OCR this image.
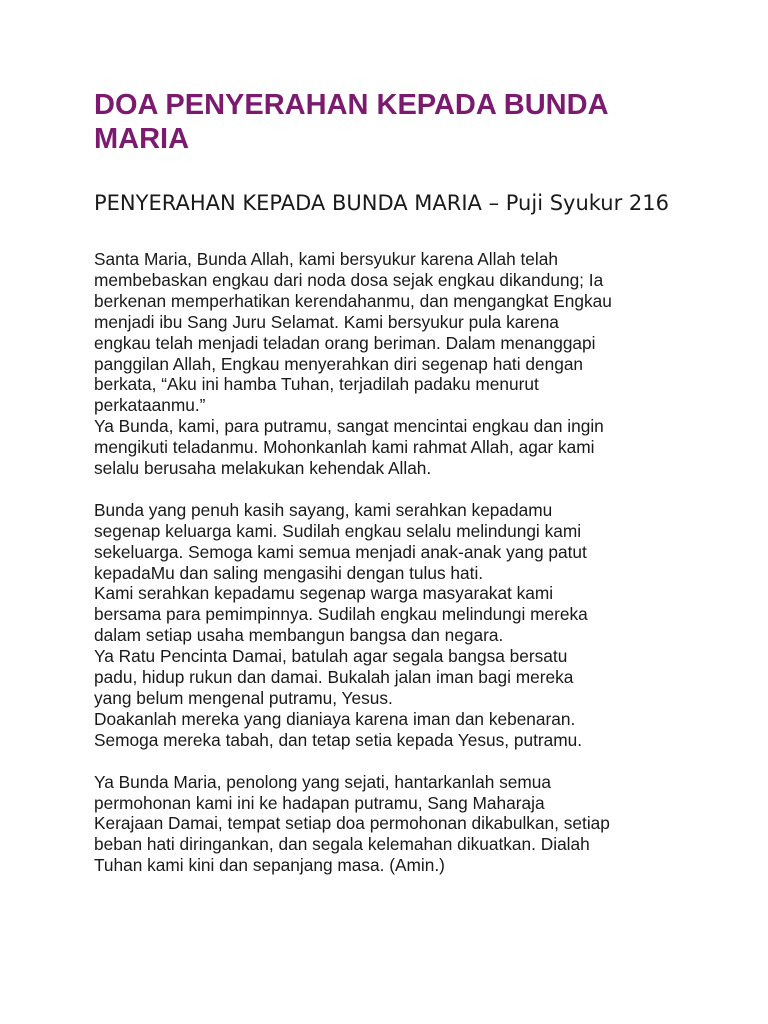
DOA PENYERAHAN KEPADA BUNDA MARIA
PENYERAHAN KEPADA BUNDA MARIA – Puji Syukur 216
Santa Maria, Bunda Allah, kami bersyukur karena Allah telah
membebaskan engkau dari noda dosa sejak engkau dikandung; Ia
berkenan memperhatikan kerendahanmu, dan mengangkat Engkau
menjadi ibu Sang Juru Selamat. Kami bersyukur pula karena
engkau telah menjadi teladan orang beriman. Dalam menanggapi
panggilan Allah, Engkau menyerahkan diri segenap hati dengan
berkata, “Aku ini hamba Tuhan, terjadilah padaku menurut
perkataanmu.”
Ya Bunda, kami, para putramu, sangat mencintai engkau dan ingin
mengikuti teladanmu. Mohonkanlah kami rahmat Allah, agar kami
selalu berusaha melakukan kehendak Allah.
Bunda yang penuh kasih sayang, kami serahkan kepadamu
segenap keluarga kami. Sudilah engkau selalu melindungi kami
sekeluarga. Semoga kami semua menjadi anak-anak yang patut
kepadaMu dan saling mengasihi dengan tulus hati.
Kami serahkan kepadamu segenap warga masyarakat kami
bersama para pemimpinnya. Sudilah engkau melindungi mereka
dalam setiap usaha membangun bangsa dan negara.
Ya Ratu Pencinta Damai, batulah agar segala bangsa bersatu
padu, hidup rukun dan damai. Bukalah jalan iman bagi mereka
yang belum mengenal putramu, Yesus.
Doakanlah mereka yang dianiaya karena iman dan kebenaran.
Semoga mereka tabah, dan tetap setia kepada Yesus, putramu.
Ya Bunda Maria, penolong yang sejati, hantarkanlah semua
permohonan kami ini ke hadapan putramu, Sang Maharaja
Kerajaan Damai, tempat setiap doa permohonan dikabulkan, setiap
beban hati diringankan, dan segala kelemahan dikuatkan. Dialah
Tuhan kami kini dan sepanjang masa. (Amin.)
